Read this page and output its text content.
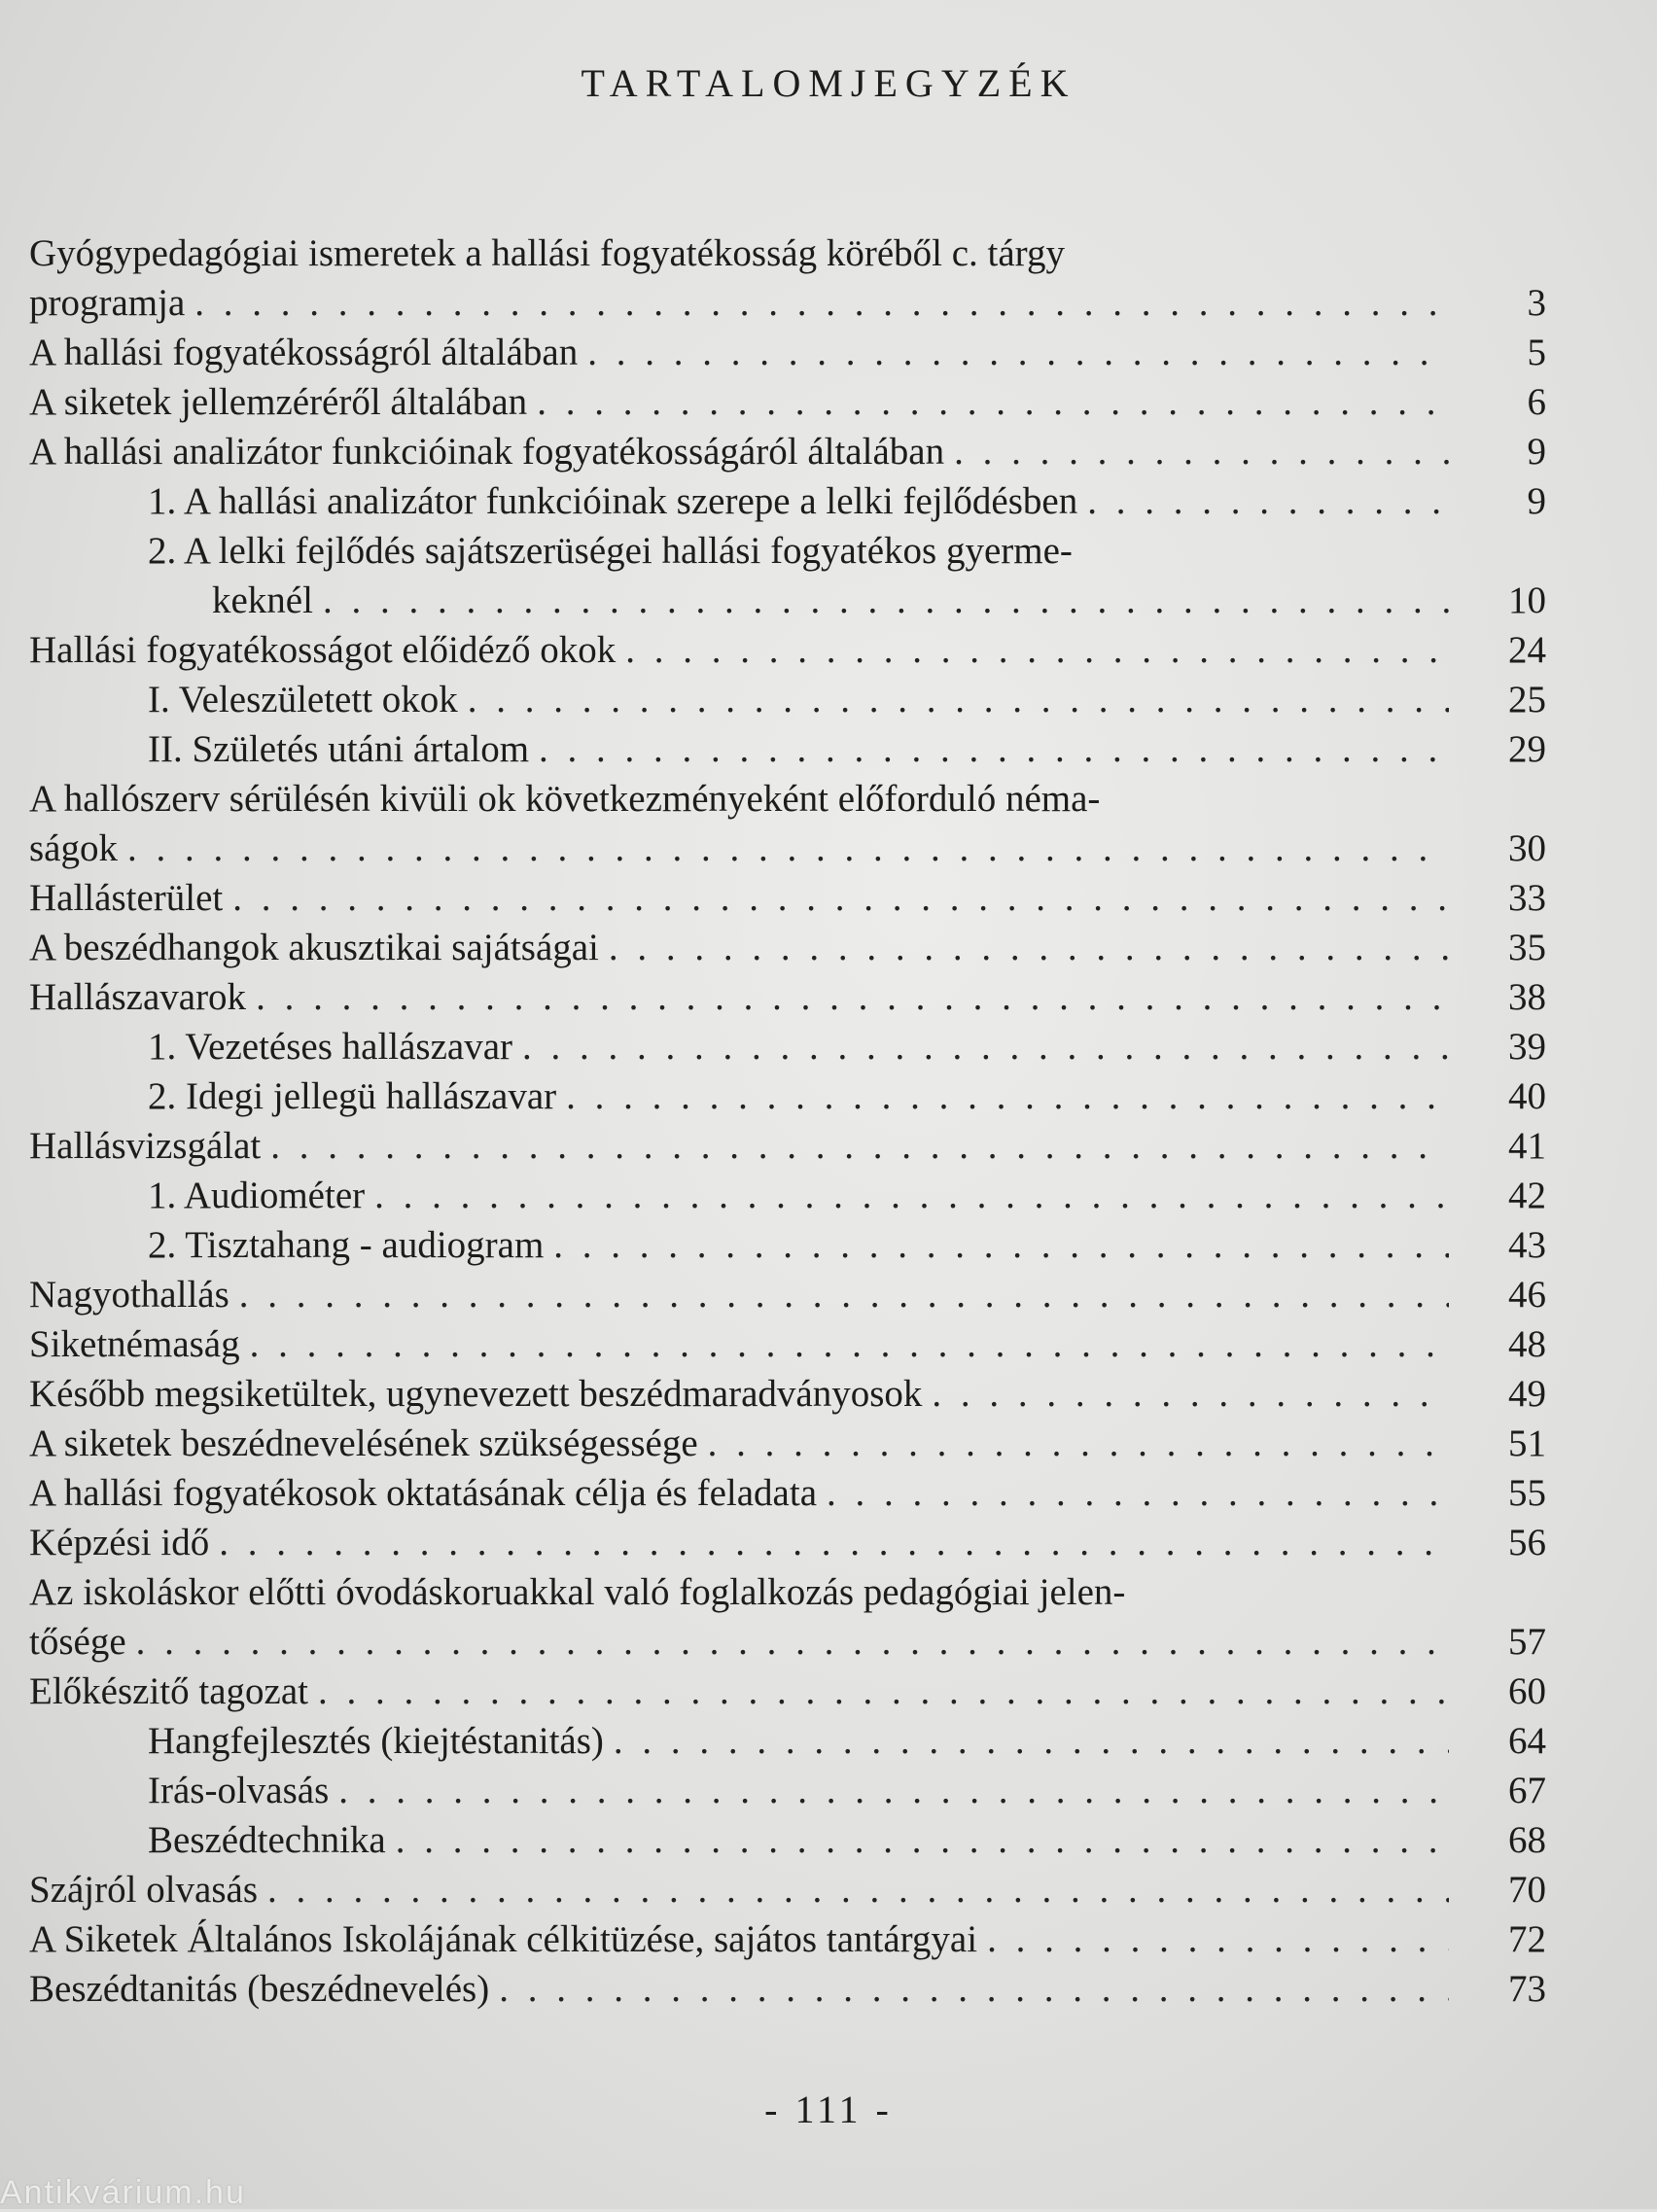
TARTALOMJEGYZÉK
Gyógypedagógiai ismeretek a hallási fogyatékosság köréből c. tárgy
programja . . .	3
A hallási fogyatékosságról általában . . .	5
A siketek jellemzéréről általában . . .	6
A hallási analizátor funkcióinak fogyatékosságáról általában . . .	9
1. A hallási analizátor funkcióinak szerepe a lelki fejlődésben . . .	9
2. A lelki fejlődés sajátszerüségei hallási fogyatékos gyerme-
keknél . . .	10
Hallási fogyatékosságot előidéző okok . . .	24
I. Veleszületett okok . . .	25
II. Születés utáni ártalom . . .	29
A hallószerv sérülésén kivüli ok következményeként előforduló néma-
ságok . . .	30
Hallásterület . . .	33
A beszédhangok akusztikai sajátságai . . .	35
Hallászavarok . . .	38
1. Vezetéses hallászavar . . .	39
2. Idegi jellegü hallászavar . . .	40
Hallásvizsgálat . . .	41
1. Audiométer . . .	42
2. Tisztahang - audiogram . . .	43
Nagyothallás . . .	46
Siketnémaság . . .	48
Később megsiketültek, ugynevezett beszédmaradványosok . . .	49
A siketek beszédnevelésének szükségessége . . .	51
A hallási fogyatékosok oktatásának célja és feladata . . .	55
Képzési idő . . .	56
Az iskoláskor előtti óvodáskoruakkal való foglalkozás pedagógiai jelen-
tősége . . .	57
Előkészitő tagozat . . .	60
Hangfejlesztés (kiejtéstanitás) . . .	64
Irás-olvasás . . .	67
Beszédtechnika . . .	68
Szájról olvasás . . .	70
A Siketek Általános Iskolájának célkitüzése, sajátos tantárgyai . . .	72
Beszédtanitás (beszédnevelés) . . .	73
- 111 -
Antikvárium.hu
